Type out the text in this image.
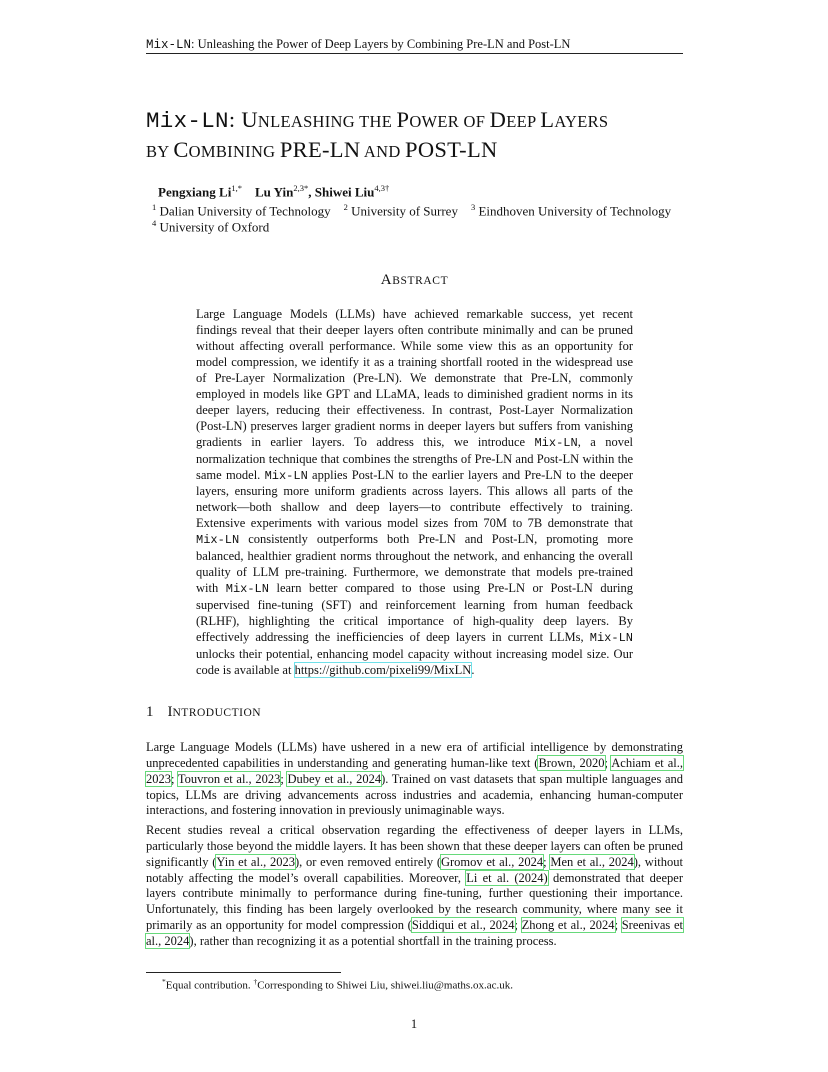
Mix-LN: Unleashing the Power of Deep Layers by Combining Pre-LN and Post-LN
Mix-LN: UNLEASHING THE POWER OF DEEP LAYERS
BY COMBINING PRE-LN AND POST-LN
Pengxiang $Li^{1,*}$ Lu Yin$^{2,3*}$, Shiwei Liu$^{4,3\dagger}$
$^1$ Dalian University of Technology $^2$ University of Surrey $^3$ Eindhoven University of Technology
$^4$ University of Oxford
ABSTRACT
Large Language Models (LLMs) have achieved remarkable success, yet recent findings reveal that their deeper layers often contribute minimally and can be pruned without affecting overall performance. While some view this as an opportunity for model compression, we identify it as a training shortfall rooted in the widespread use of Pre-Layer Normalization (Pre-LN). We demonstrate that Pre-LN, commonly employed in models like GPT and LLaMA, leads to diminished gradient norms in its deeper layers, reducing their effectiveness. In contrast, Post-Layer Normalization (Post-LN) preserves larger gradient norms in deeper layers but suffers from vanishing gradients in earlier layers. To address this, we introduce Mix-LN, a novel normalization technique that combines the strengths of Pre-LN and Post-LN within the same model. Mix-LN applies Post-LN to the earlier layers and Pre-LN to the deeper layers, ensuring more uniform gradients across layers. This allows all parts of the network—both shallow and deep layers—to contribute effectively to training. Extensive experiments with various model sizes from 70M to 7B demonstrate that Mix-LN consistently outperforms both Pre-LN and Post-LN, promoting more balanced, healthier gradient norms throughout the network, and enhancing the overall quality of LLM pre-training. Furthermore, we demonstrate that models pre-trained with Mix-LN learn better compared to those using Pre-LN or Post-LN during supervised fine-tuning (SFT) and reinforcement learning from human feedback (RLHF), highlighting the critical importance of high-quality deep layers. By effectively addressing the inefficiencies of deep layers in current LLMs, Mix-LN unlocks their potential, enhancing model capacity without increasing model size. Our code is available at https://github.com/pixeli99/MixLN.
1 INTRODUCTION
Large Language Models (LLMs) have ushered in a new era of artificial intelligence by demonstrating unprecedented capabilities in understanding and generating human-like text (Brown, 2020; Achiam et al., 2023; Touvron et al., 2023; Dubey et al., 2024). Trained on vast datasets that span multiple languages and topics, LLMs are driving advancements across industries and academia, enhancing human-computer interactions, and fostering innovation in previously unimaginable ways.
Recent studies reveal a critical observation regarding the effectiveness of deeper layers in LLMs, particularly those beyond the middle layers. It has been shown that these deeper layers can often be pruned significantly (Yin et al., 2023), or even removed entirely (Gromov et al., 2024; Men et al., 2024), without notably affecting the model’s overall capabilities. Moreover, Li et al. (2024) demonstrated that deeper layers contribute minimally to performance during fine-tuning, further questioning their importance. Unfortunately, this finding has been largely overlooked by the research community, where many see it primarily as an opportunity for model compression (Siddiqui et al., 2024; Zhong et al., 2024; Sreenivas et al., 2024), rather than recognizing it as a potential shortfall in the training process.
*Equal contribution. †Corresponding to Shiwei Liu, shiwei.liu@maths.ox.ac.uk.
1
